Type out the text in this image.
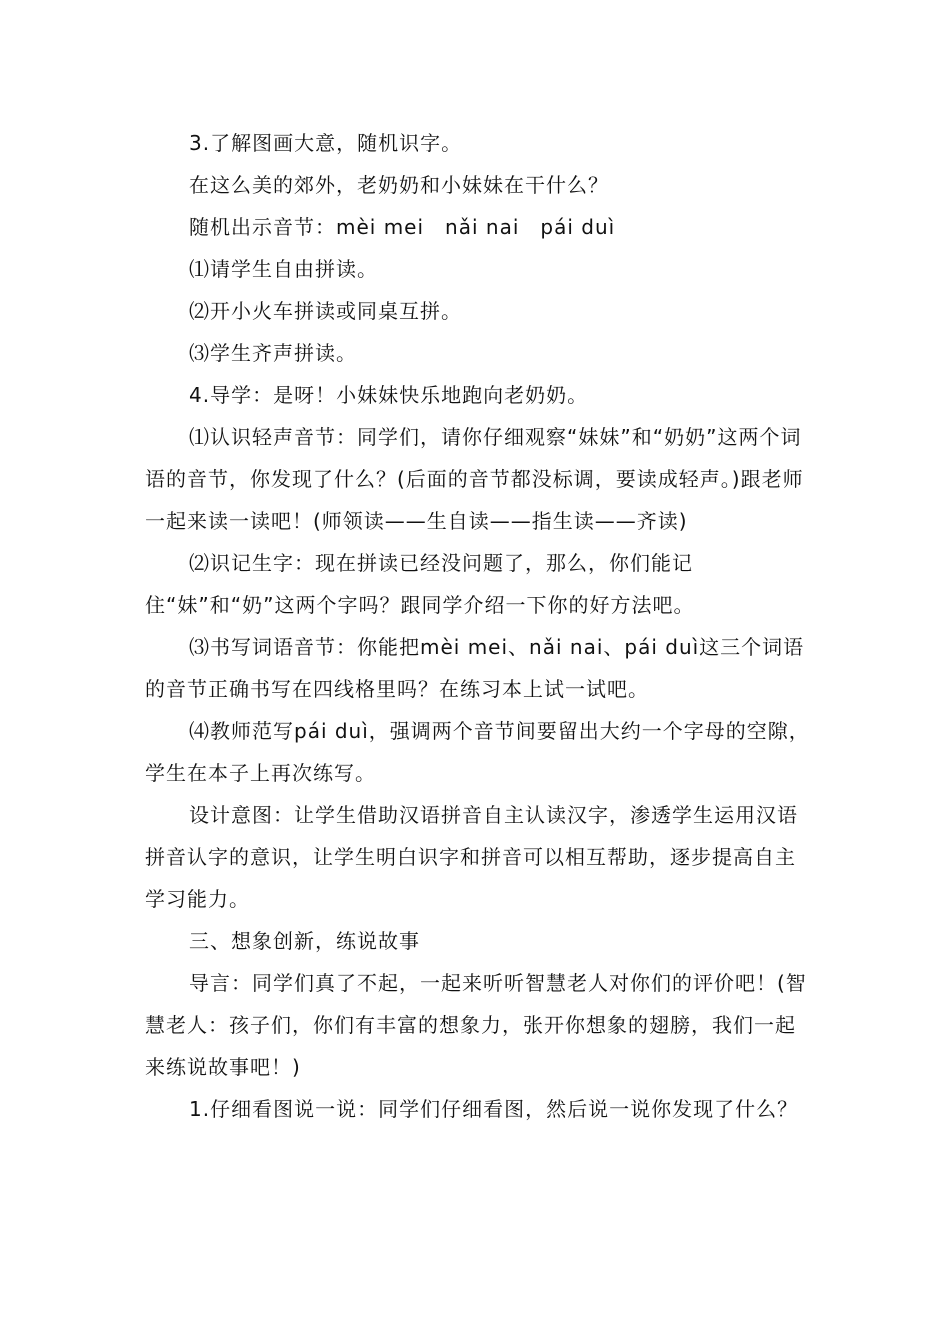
3.了解图画大意，随机识字。

在这么美的郊外，老奶奶和小妹妹在干什么？

随机出示音节：mèi mei　nǎi nai　pái duì

⑴请学生自由拼读。

⑵开小火车拼读或同桌互拼。

⑶学生齐声拼读。

4.导学：是呀！小妹妹快乐地跑向老奶奶。

⑴认识轻声音节：同学们，请你仔细观察“妹妹”和“奶奶”这两个词语的音节，你发现了什么？(后面的音节都没标调，要读成轻声。)跟老师一起来读一读吧！(师领读——生自读——指生读——齐读)

⑵识记生字：现在拼读已经没问题了，那么，你们能记住“妹”和“奶”这两个字吗？跟同学介绍一下你的好方法吧。

⑶书写词语音节：你能把mèi mei、nǎi nai、pái duì这三个词语的音节正确书写在四线格里吗？在练习本上试一试吧。

⑷教师范写pái duì，强调两个音节间要留出大约一个字母的空隙，学生在本子上再次练写。

设计意图：让学生借助汉语拼音自主认读汉字，渗透学生运用汉语拼音认字的意识，让学生明白识字和拼音可以相互帮助，逐步提高自主学习能力。

三、想象创新，练说故事

导言：同学们真了不起，一起来听听智慧老人对你们的评价吧！(智慧老人：孩子们，你们有丰富的想象力，张开你想象的翅膀，我们一起来练说故事吧！)

1.仔细看图说一说：同学们仔细看图，然后说一说你发现了什么？
